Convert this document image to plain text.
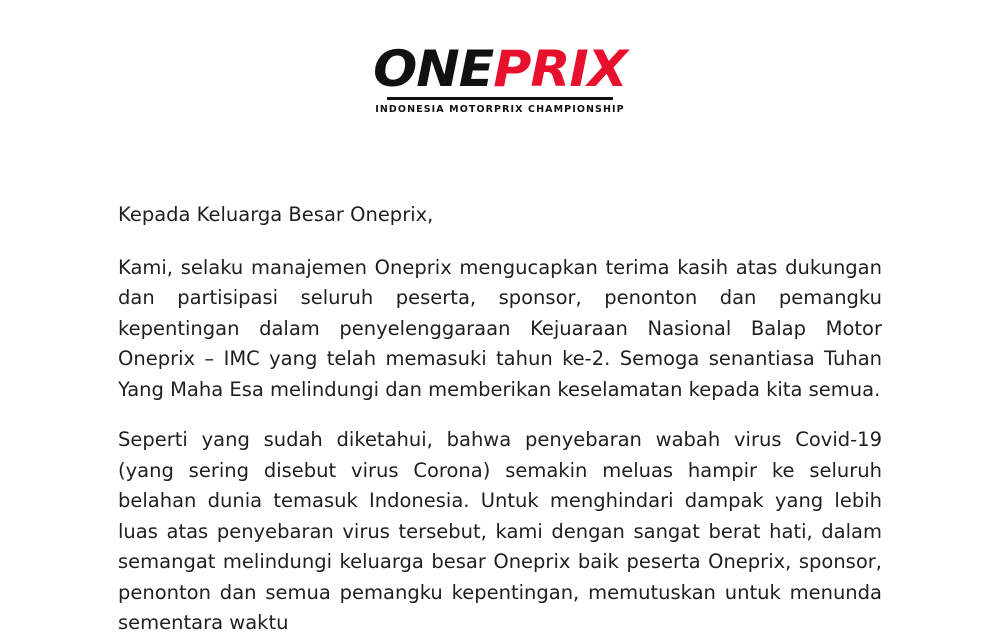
ONEPRIX
INDONESIA MOTORPRIX CHAMPIONSHIP

Kepada Keluarga Besar Oneprix,

Kami, selaku manajemen Oneprix mengucapkan terima kasih atas dukungan dan partisipasi seluruh peserta, sponsor, penonton dan pemangku kepentingan dalam penyelenggaraan Kejuaraan Nasional Balap Motor Oneprix – IMC yang telah memasuki tahun ke-2. Semoga senantiasa Tuhan Yang Maha Esa melindungi dan memberikan keselamatan kepada kita semua.

Seperti yang sudah diketahui, bahwa penyebaran wabah virus Covid-19 (yang sering disebut virus Corona) semakin meluas hampir ke seluruh belahan dunia temasuk Indonesia. Untuk menghindari dampak yang lebih luas atas penyebaran virus tersebut, kami dengan sangat berat hati, dalam semangat melindungi keluarga besar Oneprix baik peserta Oneprix, sponsor, penonton dan semua pemangku kepentingan, memutuskan untuk menunda sementara waktu
